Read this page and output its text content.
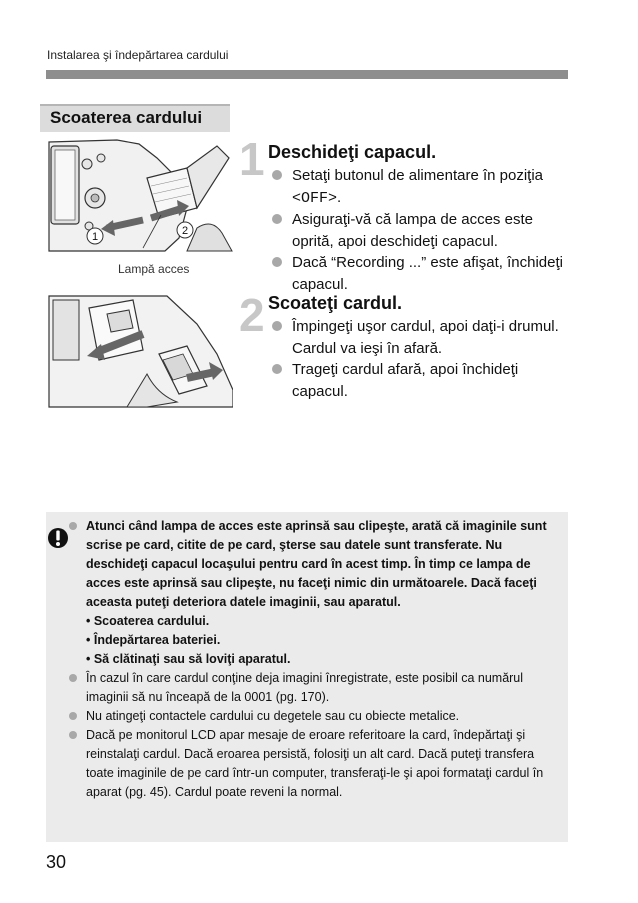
Instalarea şi îndepărtarea cardului
Scoaterea cardului
1	2
Lampă acces
1 Deschideţi capacul.
Setaţi butonul de alimentare în poziţia <OFF>.
Asiguraţi-vă că lampa de acces este oprită, apoi deschideţi capacul.
Dacă “Recording ...” este afişat, închideţi capacul.
2 Scoateţi cardul.
Împingeţi uşor cardul, apoi daţi-i drumul. Cardul va ieşi în afară.
Trageţi cardul afară, apoi închideţi capacul.
Atunci când lampa de acces este aprinsă sau clipeşte, arată că imaginile sunt scrise pe card, citite de pe card, şterse sau datele sunt transferate. Nu deschideţi capacul locaşului pentru card în acest timp. În timp ce lampa de acces este aprinsă sau clipeşte, nu faceţi nimic din următoarele. Dacă faceţi aceasta puteţi deteriora datele imaginii, sau aparatul.
• Scoaterea cardului.
• Îndepărtarea bateriei.
• Să clătinaţi sau să loviţi aparatul.
În cazul în care cardul conţine deja imagini înregistrate, este posibil ca numărul imaginii să nu înceapă de la 0001 (pg. 170).
Nu atingeţi contactele cardului cu degetele sau cu obiecte metalice.
Dacă pe monitorul LCD apar mesaje de eroare referitoare la card, îndepărtaţi şi reinstalaţi cardul. Dacă eroarea persistă, folosiţi un alt card. Dacă puteţi transfera toate imaginile de pe card într-un computer, transferaţi-le şi apoi formataţi cardul în aparat (pg. 45). Cardul poate reveni la normal.
30
